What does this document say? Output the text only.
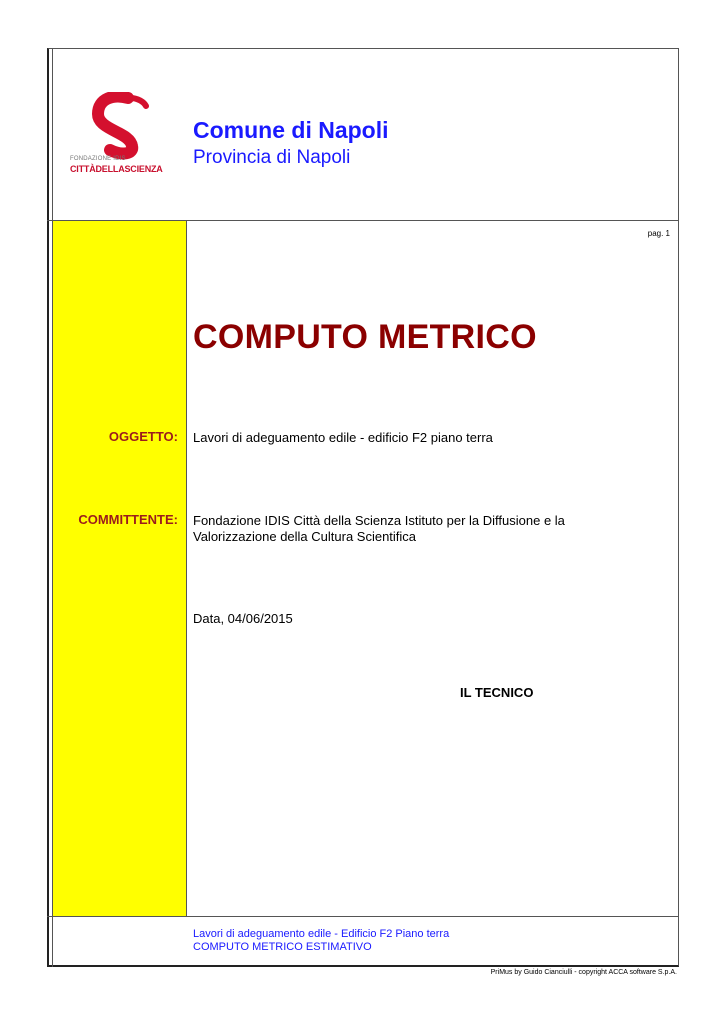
FONDAZIONE IDIS
CITTÀDELLASCIENZA
Comune di Napoli
Provincia di Napoli
pag. 1
COMPUTO METRICO
OGGETTO: Lavori di adeguamento edile - edificio F2 piano terra
COMMITTENTE: Fondazione IDIS Città della Scienza Istituto per la Diffusione e la
Valorizzazione della Cultura Scientifica
Data, 04/06/2015
IL TECNICO
Lavori di adeguamento edile - Edificio F2 Piano terra
COMPUTO METRICO ESTIMATIVO
PriMus by Guido Cianciulli - copyright ACCA software S.p.A.
